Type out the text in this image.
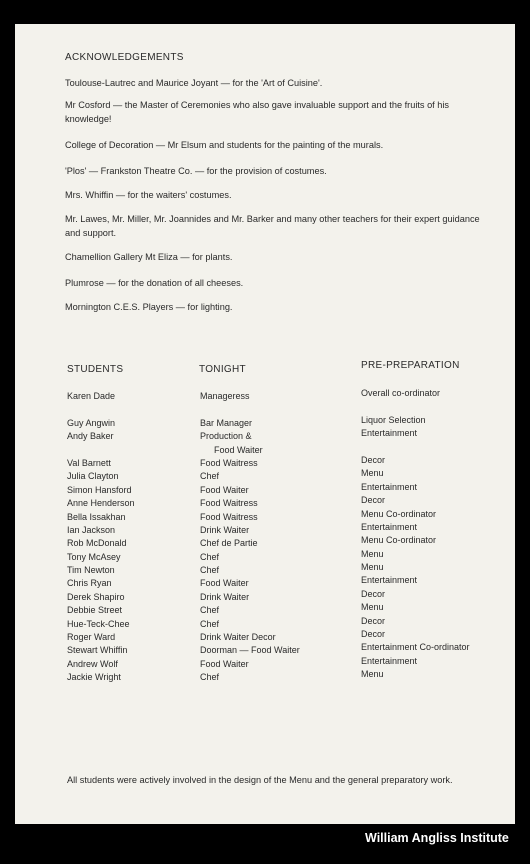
ACKNOWLEDGEMENTS
Toulouse-Lautrec and Maurice Joyant — for the 'Art of Cuisine'.
Mr Cosford — the Master of Ceremonies who also gave invaluable support and the fruits of his knowledge!
College of Decoration — Mr Elsum and students for the painting of the murals.
'Plos' — Frankston Theatre Co. — for the provision of costumes.
Mrs. Whiffin — for the waiters' costumes.
Mr. Lawes, Mr. Miller, Mr. Joannides and Mr. Barker and many other teachers for their expert guidance and support.
Chamellion Gallery Mt Eliza — for plants.
Plumrose — for the donation of all cheeses.
Mornington C.E.S. Players — for lighting.
STUDENTS	TONIGHT	PRE-PREPARATION
Karen Dade
Guy Angwin
Andy Baker
Val Barnett
Julia Clayton
Simon Hansford
Anne Henderson
Bella Issakhan
Ian Jackson
Rob McDonald
Tony McAsey
Tim Newton
Chris Ryan
Derek Shapiro
Debbie Street
Hue-Teck-Chee
Roger Ward
Stewart Whiffin
Andrew Wolf
Jackie Wright
Manageress
Bar Manager
Production &
Food Waiter
Food Waitress
Chef
Food Waiter
Food Waitress
Food Waitress
Drink Waiter
Chef de Partie
Chef
Chef
Food Waiter
Drink Waiter
Chef
Chef
Drink Waiter Decor
Doorman — Food Waiter
Food Waiter
Chef
Overall co-ordinator
Liquor Selection
Entertainment
Decor
Menu
Entertainment
Decor
Menu Co-ordinator
Entertainment
Menu Co-ordinator
Menu
Menu
Entertainment
Decor
Menu
Decor
Decor
Entertainment Co-ordinator
Entertainment
Menu
All students were actively involved in the design of the Menu and the general preparatory work.
William Angliss Institute
